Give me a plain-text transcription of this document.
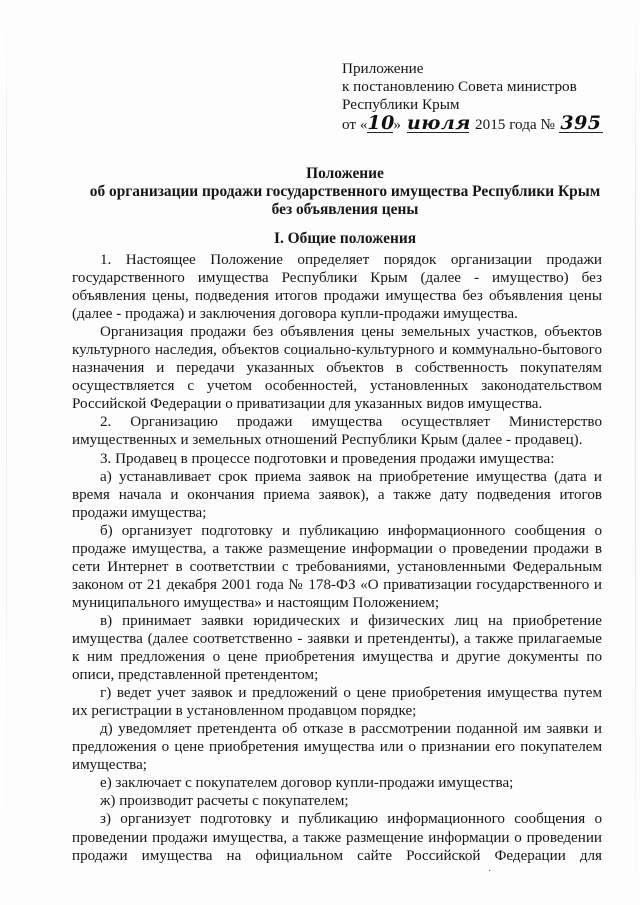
Приложение
к постановлению Совета министров
Республики Крым
от «10» июля 2015 года № 395
Положение
об организации продажи государственного имущества Республики Крым
без объявления цены
I. Общие положения

1. Настоящее Положение определяет порядок организации продажи государственного имущества Республики Крым (далее - имущество) без объявления цены, подведения итогов продажи имущества без объявления цены (далее - продажа) и заключения договора купли-продажи имущества.

Организация продажи без объявления цены земельных участков, объектов культурного наследия, объектов социально-культурного и коммунально-бытового назначения и передачи указанных объектов в собственность покупателям осуществляется с учетом особенностей, установленных законодательством Российской Федерации о приватизации для указанных видов имущества.

2. Организацию продажи имущества осуществляет Министерство имущественных и земельных отношений Республики Крым (далее - продавец).

3. Продавец в процессе подготовки и проведения продажи имущества:

а) устанавливает срок приема заявок на приобретение имущества (дата и время начала и окончания приема заявок), а также дату подведения итогов продажи имущества;

б) организует подготовку и публикацию информационного сообщения о продаже имущества, а также размещение информации о проведении продажи в сети Интернет в соответствии с требованиями, установленными Федеральным законом от 21 декабря 2001 года № 178-ФЗ «О приватизации государственного и муниципального имущества» и настоящим Положением;

в) принимает заявки юридических и физических лиц на приобретение имущества (далее соответственно - заявки и претенденты), а также прилагаемые к ним предложения о цене приобретения имущества и другие документы по описи, представленной претендентом;

г) ведет учет заявок и предложений о цене приобретения имущества путем их регистрации в установленном продавцом порядке;

д) уведомляет претендента об отказе в рассмотрении поданной им заявки и предложения о цене приобретения имущества или о признании его покупателем имущества;

е) заключает с покупателем договор купли-продажи имущества;

ж) производит расчеты с покупателем;

з) организует подготовку и публикацию информационного сообщения о проведении продажи имущества, а также размещение информации о проведении продажи имущества на официальном сайте Российской Федерации для

·
